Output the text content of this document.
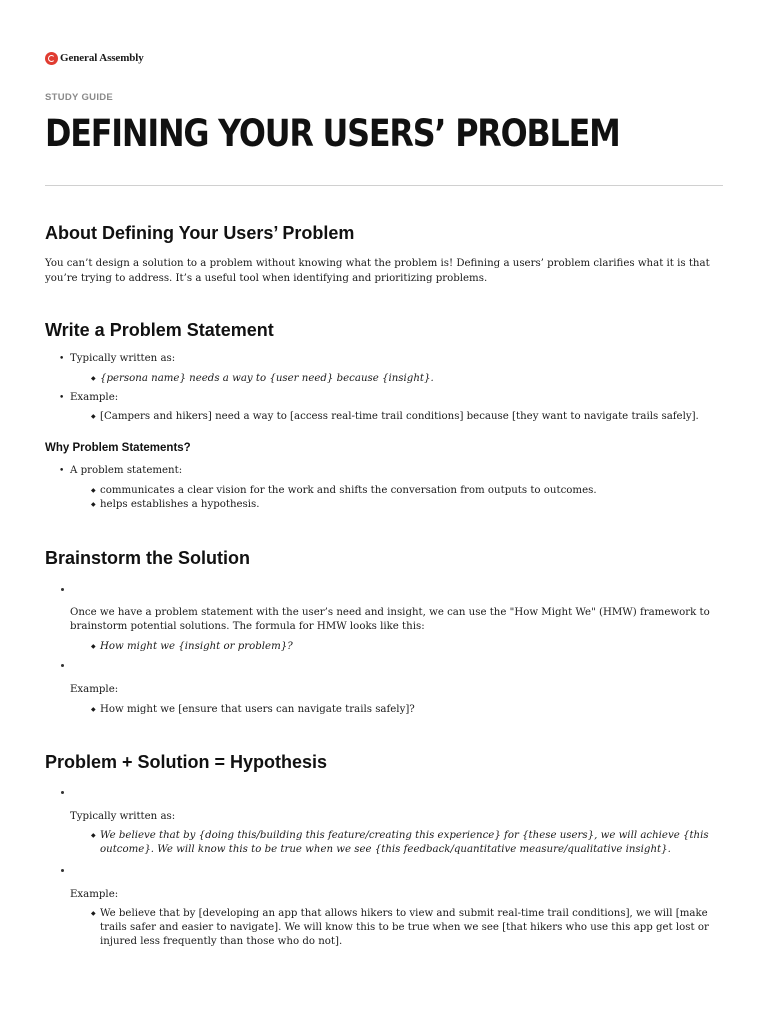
General Assembly
STUDY GUIDE
DEFINING YOUR USERS’ PROBLEM
About Defining Your Users’ Problem

You can’t design a solution to a problem without knowing what the problem is! Defining a users’ problem clarifies what it is that you’re trying to address. It’s a useful tool when identifying and prioritizing problems.

Write a Problem Statement
• Typically written as:
◆ {persona name} needs a way to {user need} because {insight}.
• Example:
◆ [Campers and hikers] need a way to [access real-time trail conditions] because [they want to navigate trails safely].
Why Problem Statements?
• A problem statement:
◆ communicates a clear vision for the work and shifts the conversation from outputs to outcomes.
◆ helps establishes a hypothesis.
Brainstorm the Solution
Once we have a problem statement with the user’s need and insight, we can use the "How Might We" (HMW) framework to brainstorm potential solutions. The formula for HMW looks like this:
◆ How might we {insight or problem}?
Example:
◆ How might we [ensure that users can navigate trails safely]?
Problem + Solution = Hypothesis
Typically written as:
◆ We believe that by {doing this/building this feature/creating this experience} for {these users}, we will achieve {this outcome}. We will know this to be true when we see {this feedback/quantitative measure/qualitative insight}.
Example:
◆ We believe that by [developing an app that allows hikers to view and submit real-time trail conditions], we will [make trails safer and easier to navigate]. We will know this to be true when we see [that hikers who use this app get lost or injured less frequently than those who do not].
